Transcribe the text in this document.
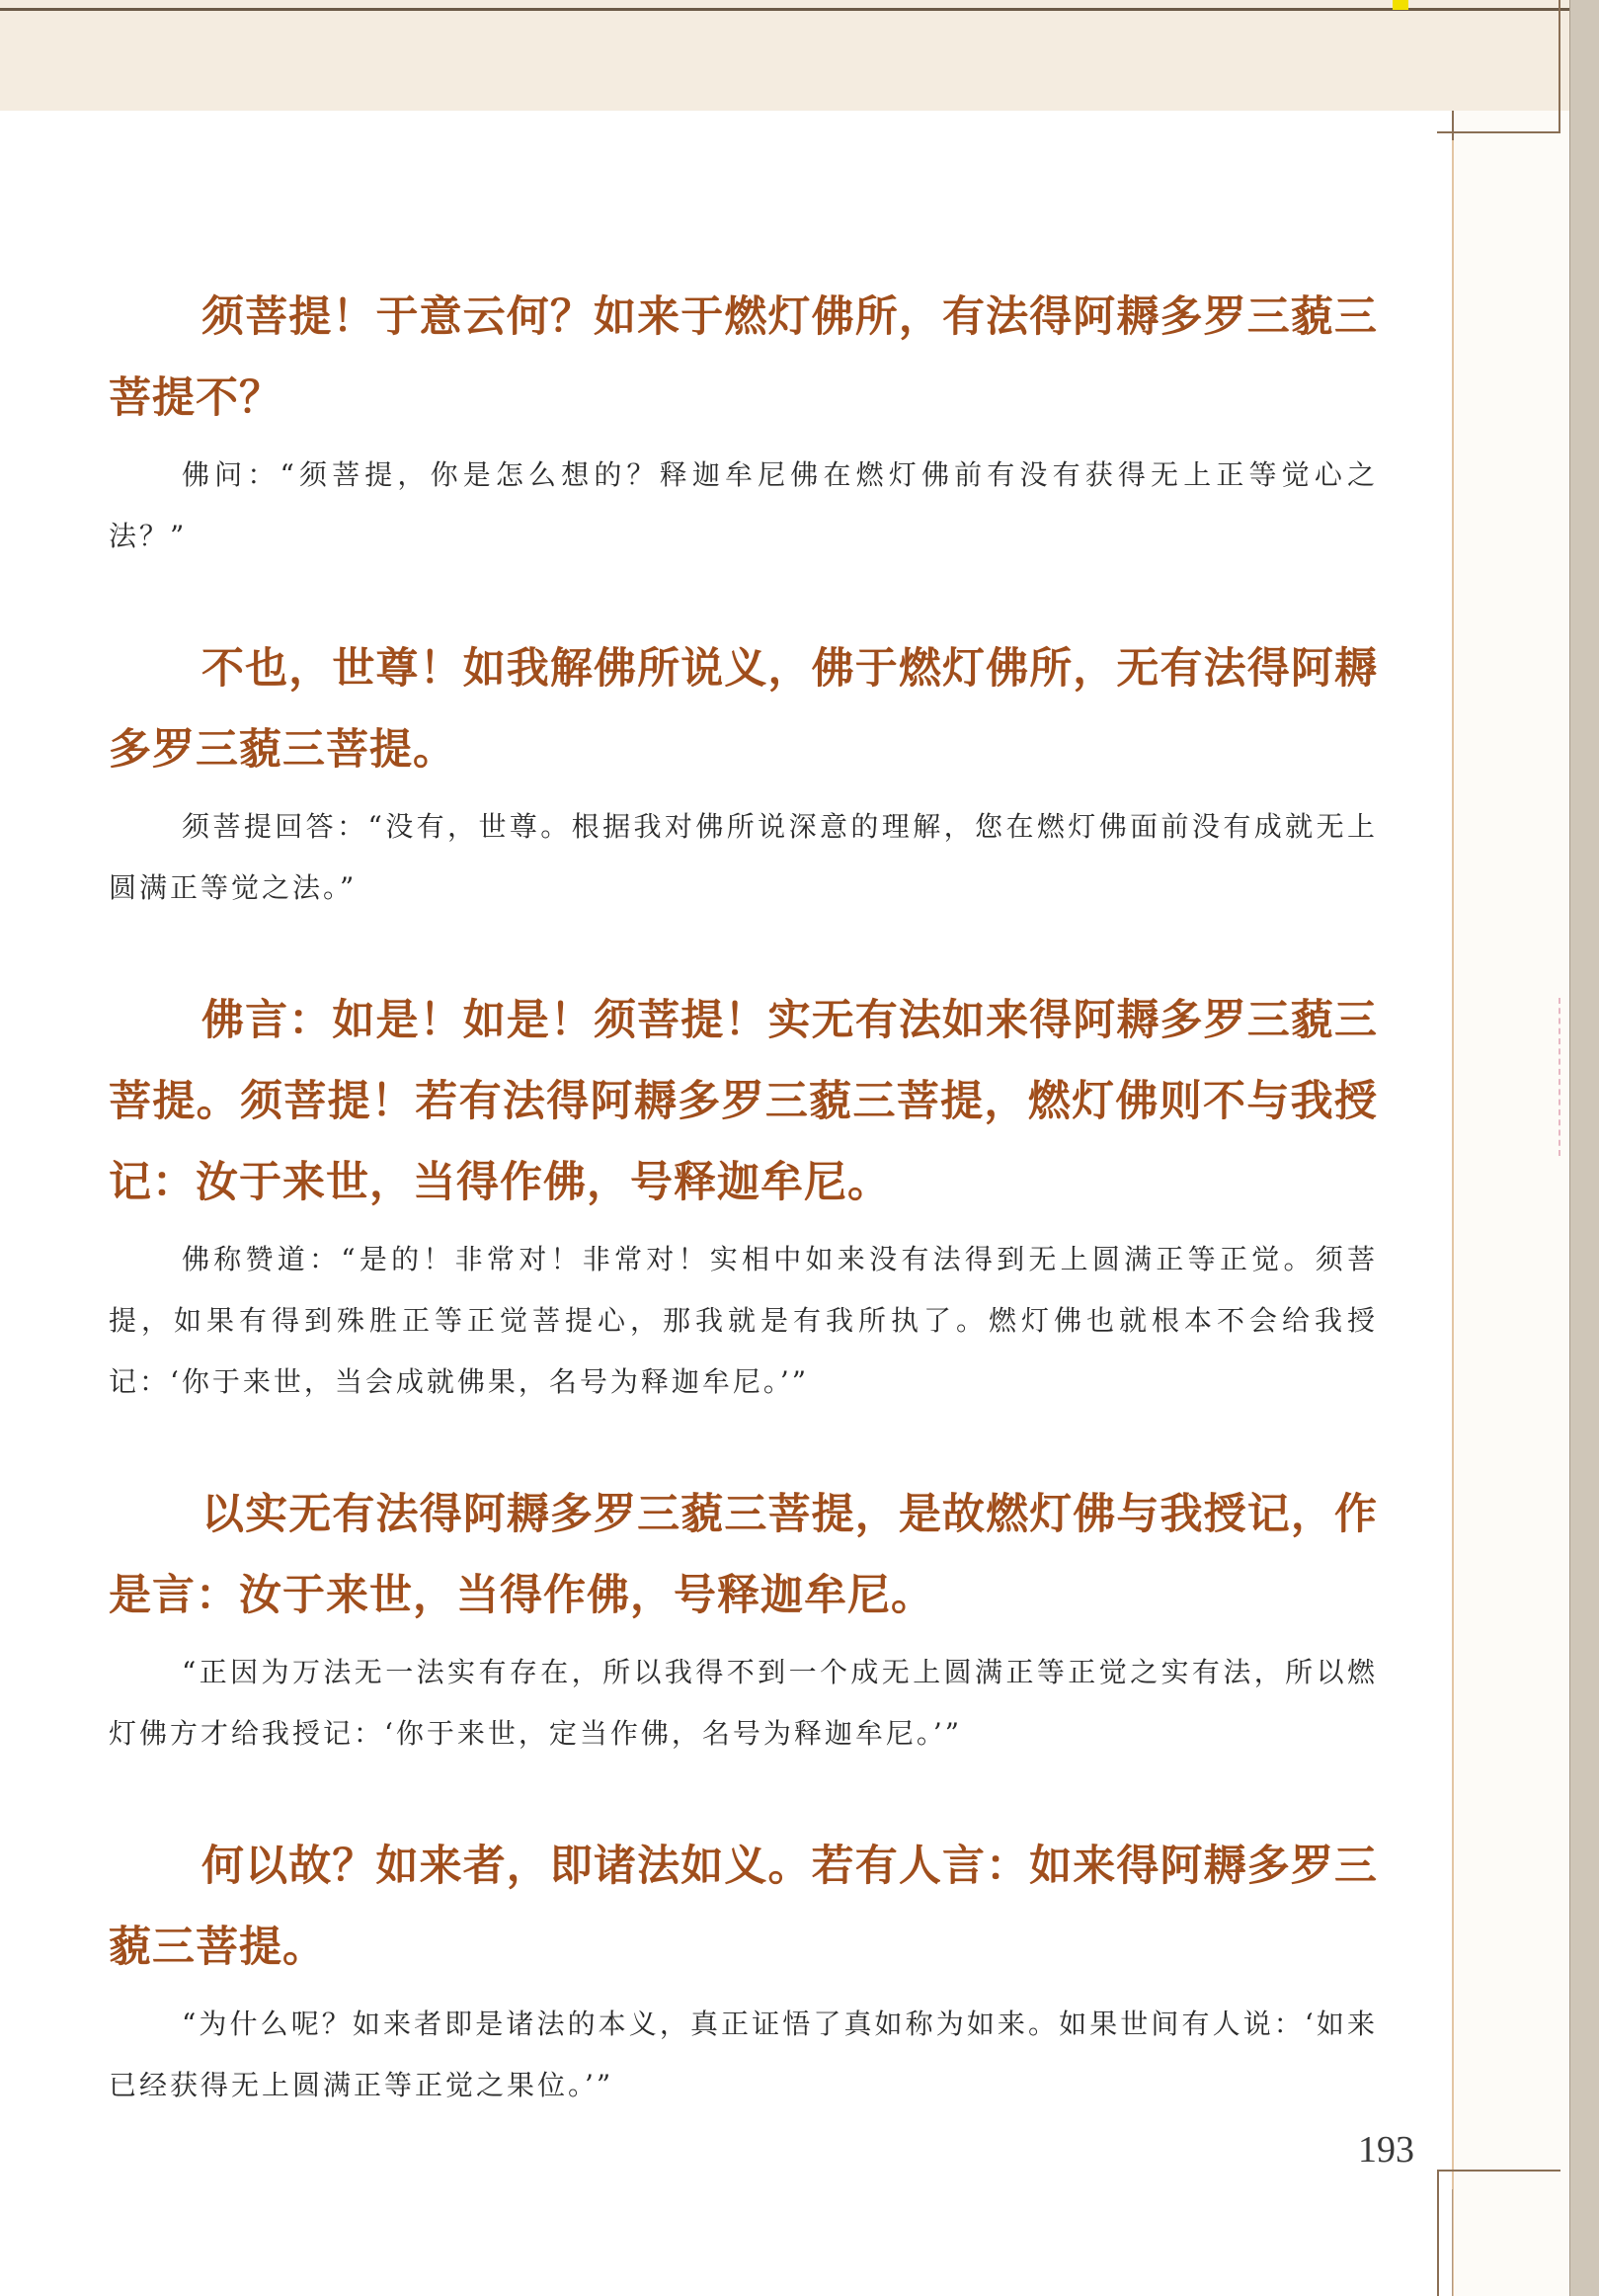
须菩提！于意云何？如来于燃灯佛所，有法得阿耨多罗三藐三菩提不？

佛问：“须菩提，你是怎么想的？释迦牟尼佛在燃灯佛前有没有获得无上正等觉心之法？”

不也，世尊！如我解佛所说义，佛于燃灯佛所，无有法得阿耨多罗三藐三菩提。

须菩提回答：“没有，世尊。根据我对佛所说深意的理解，您在燃灯佛面前没有成就无上圆满正等觉之法。”

佛言：如是！如是！须菩提！实无有法如来得阿耨多罗三藐三菩提。须菩提！若有法得阿耨多罗三藐三菩提，燃灯佛则不与我授记：汝于来世，当得作佛，号释迦牟尼。

佛称赞道：“是的！非常对！非常对！实相中如来没有法得到无上圆满正等正觉。须菩提，如果有得到殊胜正等正觉菩提心，那我就是有我所执了。燃灯佛也就根本不会给我授记：‘你于来世，当会成就佛果，名号为释迦牟尼。’”

以实无有法得阿耨多罗三藐三菩提，是故燃灯佛与我授记，作是言：汝于来世，当得作佛，号释迦牟尼。

“正因为万法无一法实有存在，所以我得不到一个成无上圆满正等正觉之实有法，所以燃灯佛方才给我授记：‘你于来世，定当作佛，名号为释迦牟尼。’”

何以故？如来者，即诸法如义。若有人言：如来得阿耨多罗三藐三菩提。

“为什么呢？如来者即是诸法的本义，真正证悟了真如称为如来。如果世间有人说：‘如来已经获得无上圆满正等正觉之果位。’”

193
